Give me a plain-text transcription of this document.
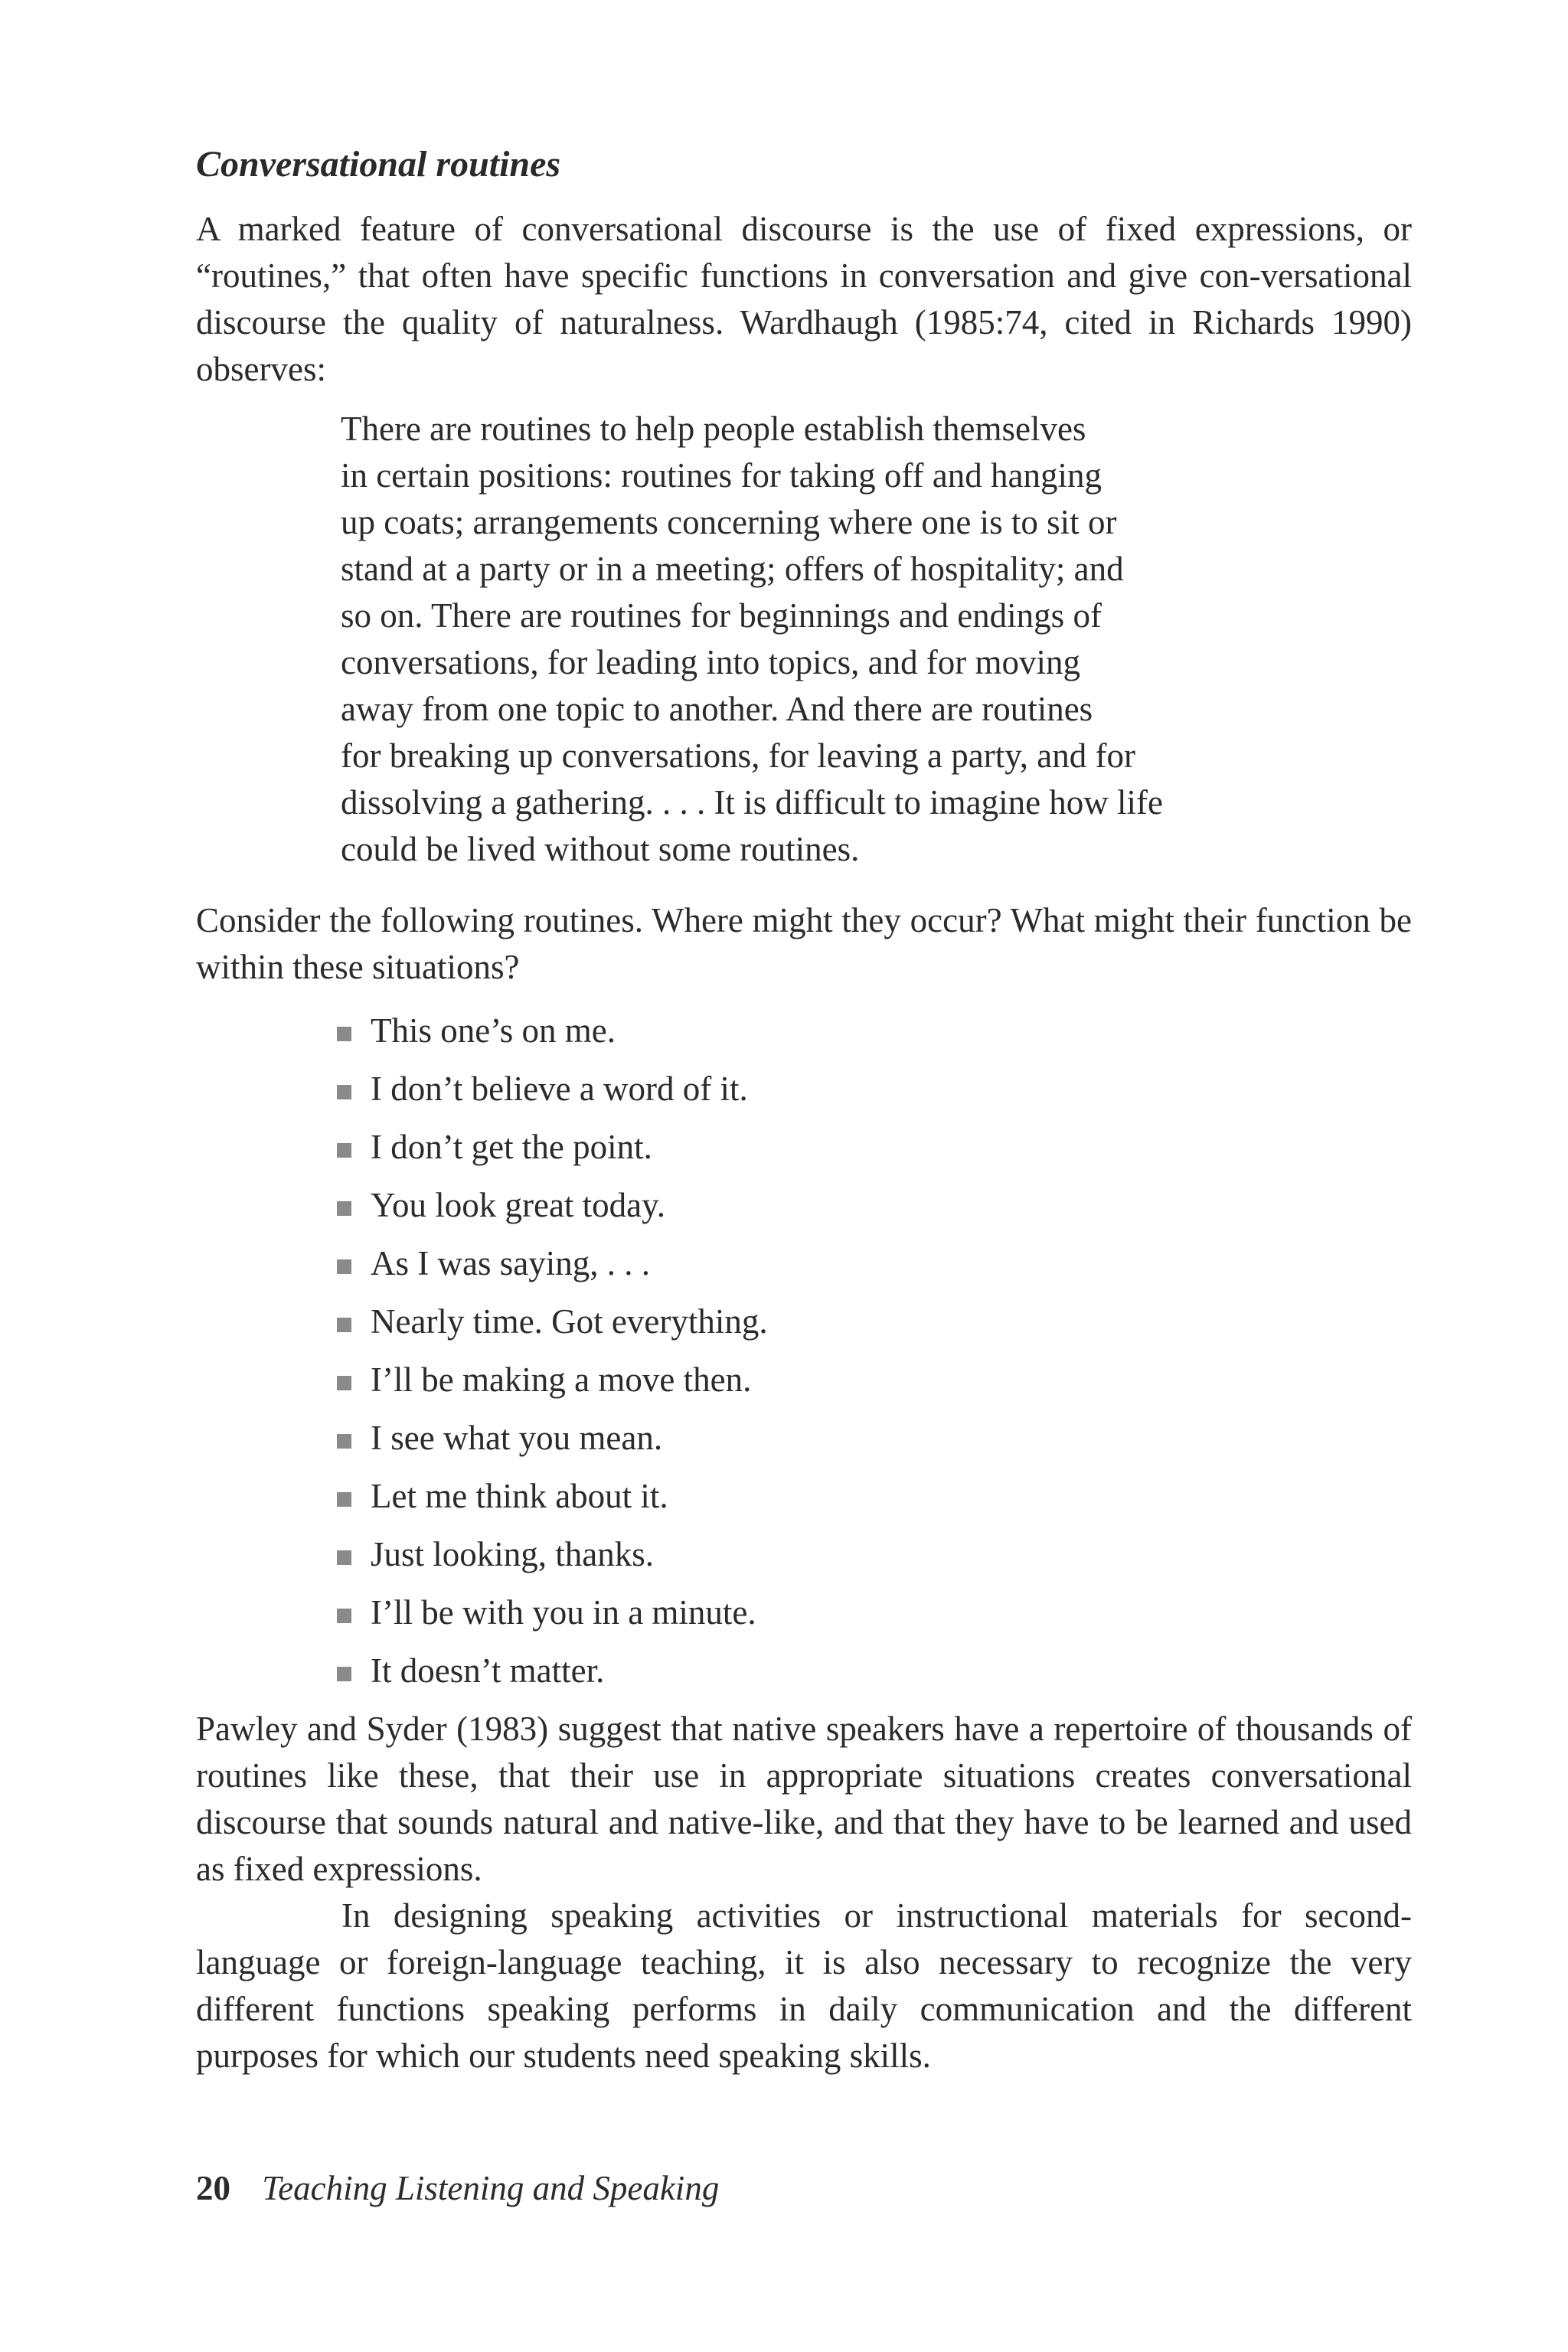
Conversational routines

A marked feature of conversational discourse is the use of fixed expressions, or “routines,” that often have specific functions in conversation and give con-versational discourse the quality of naturalness. Wardhaugh (1985:74, cited in Richards 1990) observes:

There are routines to help people establish themselves
in certain positions: routines for taking off and hanging
up coats; arrangements concerning where one is to sit or
stand at a party or in a meeting; offers of hospitality; and
so on. There are routines for beginnings and endings of
conversations, for leading into topics, and for moving
away from one topic to another. And there are routines
for breaking up conversations, for leaving a party, and for
dissolving a gathering. . . . It is difficult to imagine how life
could be lived without some routines.

Consider the following routines. Where might they occur? What might their function be within these situations?

This one’s on me.
I don’t believe a word of it.
I don’t get the point.
You look great today.
As I was saying, . . .
Nearly time. Got everything.
I’ll be making a move then.
I see what you mean.
Let me think about it.
Just looking, thanks.
I’ll be with you in a minute.
It doesn’t matter.

Pawley and Syder (1983) suggest that native speakers have a repertoire of thousands of routines like these, that their use in appropriate situations creates conversational discourse that sounds natural and native-like, and that they have to be learned and used as fixed expressions.

In designing speaking activities or instructional materials for second-language or foreign-language teaching, it is also necessary to recognize the very different functions speaking performs in daily communication and the different purposes for which our students need speaking skills.

20 Teaching Listening and Speaking
